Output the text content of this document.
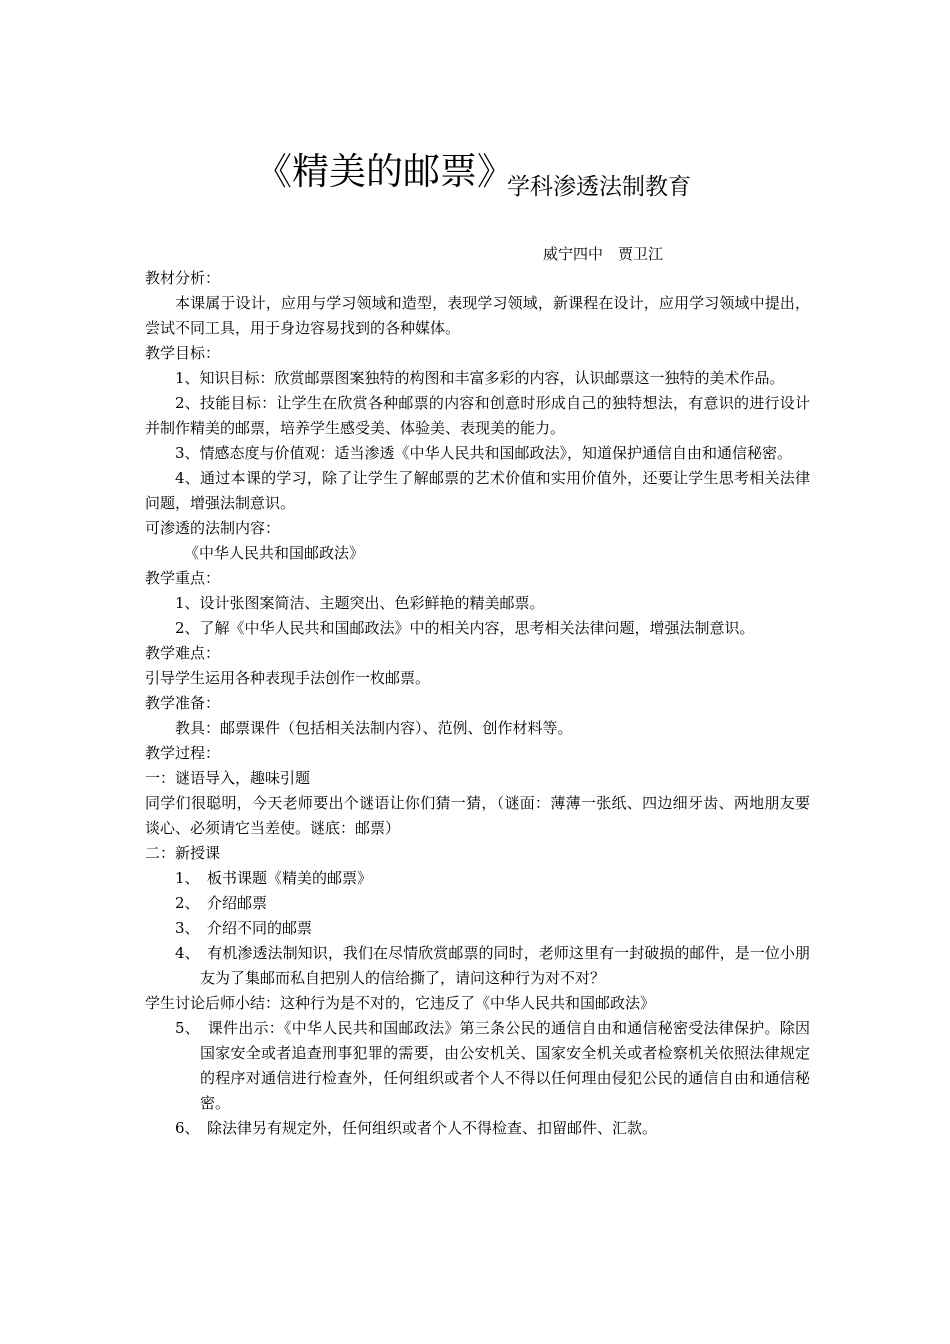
《精美的邮票》
学科渗透法制教育
威宁四中　贾卫江

教材分析：

本课属于设计，应用与学习领域和造型，表现学习领域，新课程在设计，应用学习领域中提出，尝试不同工具，用于身边容易找到的各种媒体。

教学目标：

1、知识目标：欣赏邮票图案独特的构图和丰富多彩的内容，认识邮票这一独特的美术作品。

2、技能目标：让学生在欣赏各种邮票的内容和创意时形成自己的独特想法，有意识的进行设计并制作精美的邮票，培养学生感受美、体验美、表现美的能力。

3、情感态度与价值观：适当渗透《中华人民共和国邮政法》，知道保护通信自由和通信秘密。

4、通过本课的学习，除了让学生了解邮票的艺术价值和实用价值外，还要让学生思考相关法律问题，增强法制意识。

可渗透的法制内容：

《中华人民共和国邮政法》

教学重点：

1、设计张图案简洁、主题突出、色彩鲜艳的精美邮票。

2、了解《中华人民共和国邮政法》中的相关内容，思考相关法律问题，增强法制意识。

教学难点：

引导学生运用各种表现手法创作一枚邮票。

教学准备：

教具：邮票课件（包括相关法制内容）、范例、创作材料等。

教学过程：

一：谜语导入，趣味引题

同学们很聪明，今天老师要出个谜语让你们猜一猜，（谜面：薄薄一张纸、四边细牙齿、两地朋友要谈心、必须请它当差使。谜底：邮票）

二：新授课

1、　板书课题《精美的邮票》

2、　介绍邮票

3、　介绍不同的邮票

4、　有机渗透法制知识，我们在尽情欣赏邮票的同时，老师这里有一封破损的邮件，是一位小朋友为了集邮而私自把别人的信给撕了，请问这种行为对不对？

学生讨论后师小结：这种行为是不对的，它违反了《中华人民共和国邮政法》

5、　课件出示：《中华人民共和国邮政法》第三条公民的通信自由和通信秘密受法律保护。除因国家安全或者追查刑事犯罪的需要，由公安机关、国家安全机关或者检察机关依照法律规定的程序对通信进行检查外，任何组织或者个人不得以任何理由侵犯公民的通信自由和通信秘密。

6、　除法律另有规定外，任何组织或者个人不得检查、扣留邮件、汇款。
